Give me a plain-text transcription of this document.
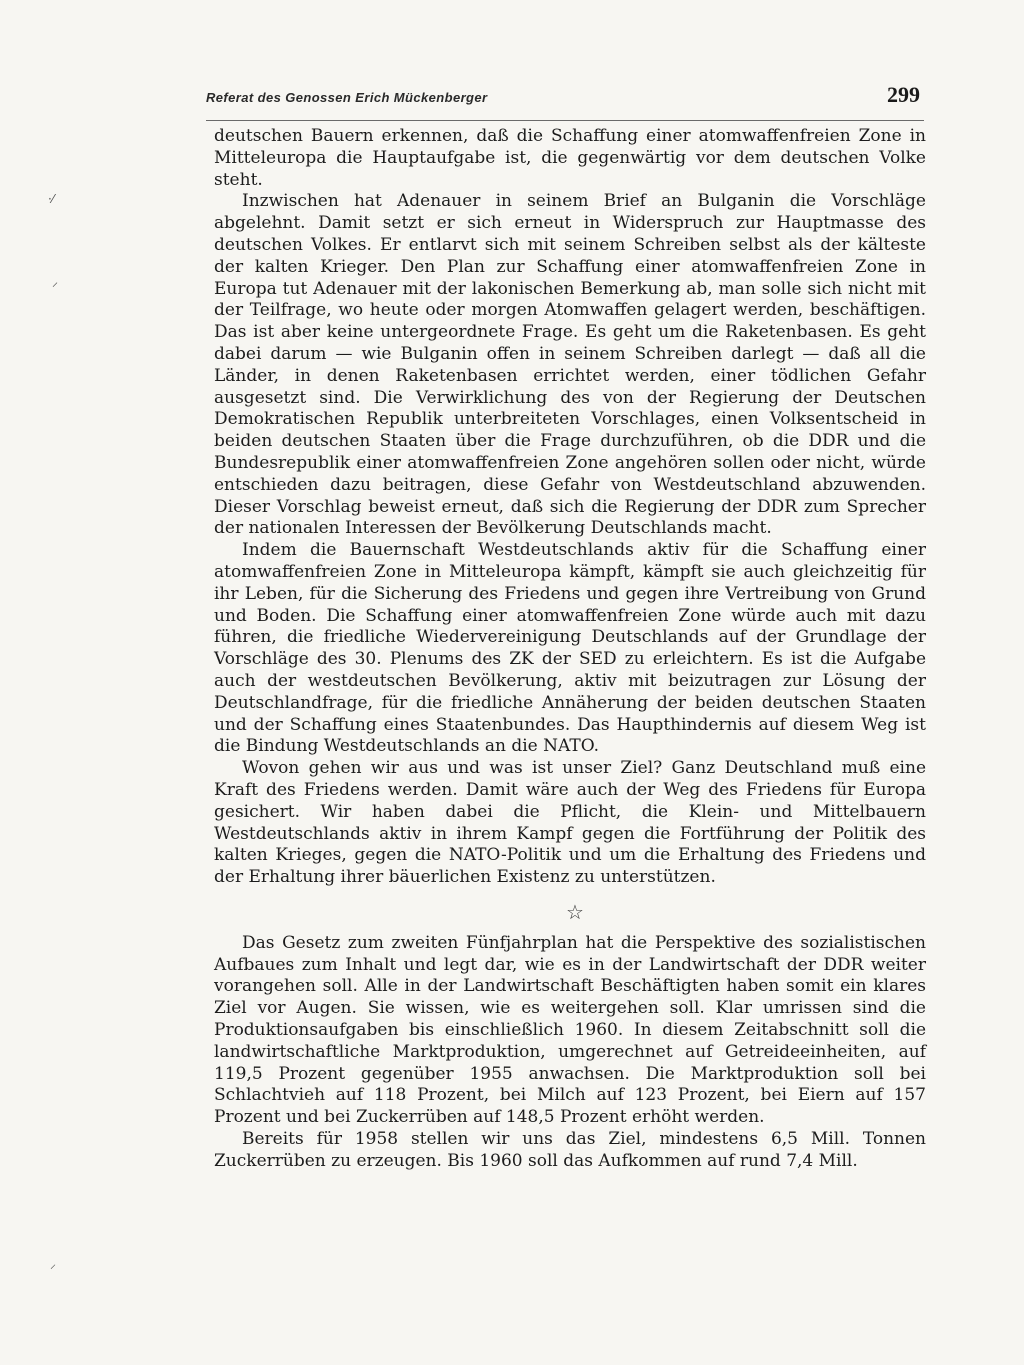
Referat des Genossen Erich Mückenberger	299
·⁄
⸍
⸝

deutschen Bauern erkennen, daß die Schaffung einer atomwaffenfreien Zone in Mitteleuropa die Hauptaufgabe ist, die gegenwärtig vor dem deutschen Volke steht.

Inzwischen hat Adenauer in seinem Brief an Bulganin die Vorschläge abgelehnt. Damit setzt er sich erneut in Widerspruch zur Hauptmasse des deutschen Volkes. Er entlarvt sich mit seinem Schreiben selbst als der kälteste der kalten Krieger. Den Plan zur Schaffung einer atomwaffenfreien Zone in Europa tut Adenauer mit der lakonischen Bemerkung ab, man solle sich nicht mit der Teilfrage, wo heute oder morgen Atomwaffen gelagert werden, beschäftigen. Das ist aber keine untergeordnete Frage. Es geht um die Raketenbasen. Es geht dabei darum — wie Bulganin offen in seinem Schreiben darlegt — daß all die Länder, in denen Raketenbasen errichtet werden, einer tödlichen Gefahr ausgesetzt sind. Die Verwirklichung des von der Regierung der Deutschen Demokratischen Republik unterbreiteten Vorschlages, einen Volksentscheid in beiden deutschen Staaten über die Frage durchzuführen, ob die DDR und die Bundesrepublik einer atomwaffenfreien Zone angehören sollen oder nicht, würde entschieden dazu beitragen, diese Gefahr von Westdeutschland abzuwenden. Dieser Vorschlag beweist erneut, daß sich die Regierung der DDR zum Sprecher der nationalen Interessen der Bevölkerung Deutschlands macht.

Indem die Bauernschaft Westdeutschlands aktiv für die Schaffung einer atomwaffenfreien Zone in Mitteleuropa kämpft, kämpft sie auch gleichzeitig für ihr Leben, für die Sicherung des Friedens und gegen ihre Vertreibung von Grund und Boden. Die Schaffung einer atomwaffenfreien Zone würde auch mit dazu führen, die friedliche Wiedervereinigung Deutschlands auf der Grundlage der Vorschläge des 30. Plenums des ZK der SED zu erleichtern. Es ist die Aufgabe auch der westdeutschen Bevölkerung, aktiv mit beizutragen zur Lösung der Deutschlandfrage, für die friedliche Annäherung der beiden deutschen Staaten und der Schaffung eines Staatenbundes. Das Haupthindernis auf diesem Weg ist die Bindung Westdeutschlands an die NATO.

Wovon gehen wir aus und was ist unser Ziel? Ganz Deutschland muß eine Kraft des Friedens werden. Damit wäre auch der Weg des Friedens für Europa gesichert. Wir haben dabei die Pflicht, die Klein- und Mittelbauern Westdeutschlands aktiv in ihrem Kampf gegen die Fortführung der Politik des kalten Krieges, gegen die NATO-Politik und um die Erhaltung des Friedens und der Erhaltung ihrer bäuerlichen Existenz zu unterstützen.

☆

Das Gesetz zum zweiten Fünfjahrplan hat die Perspektive des sozialistischen Aufbaues zum Inhalt und legt dar, wie es in der Landwirtschaft der DDR weiter vorangehen soll. Alle in der Landwirtschaft Beschäftigten haben somit ein klares Ziel vor Augen. Sie wissen, wie es weitergehen soll. Klar umrissen sind die Produktionsaufgaben bis einschließlich 1960. In diesem Zeitabschnitt soll die landwirtschaftliche Marktproduktion, umgerechnet auf Getreideeinheiten, auf 119,5 Prozent gegenüber 1955 anwachsen. Die Marktproduktion soll bei Schlachtvieh auf 118 Prozent, bei Milch auf 123 Prozent, bei Eiern auf 157 Prozent und bei Zuckerrüben auf 148,5 Prozent erhöht werden.

Bereits für 1958 stellen wir uns das Ziel, mindestens 6,5 Mill. Tonnen Zuckerrüben zu erzeugen. Bis 1960 soll das Aufkommen auf rund 7,4 Mill.
